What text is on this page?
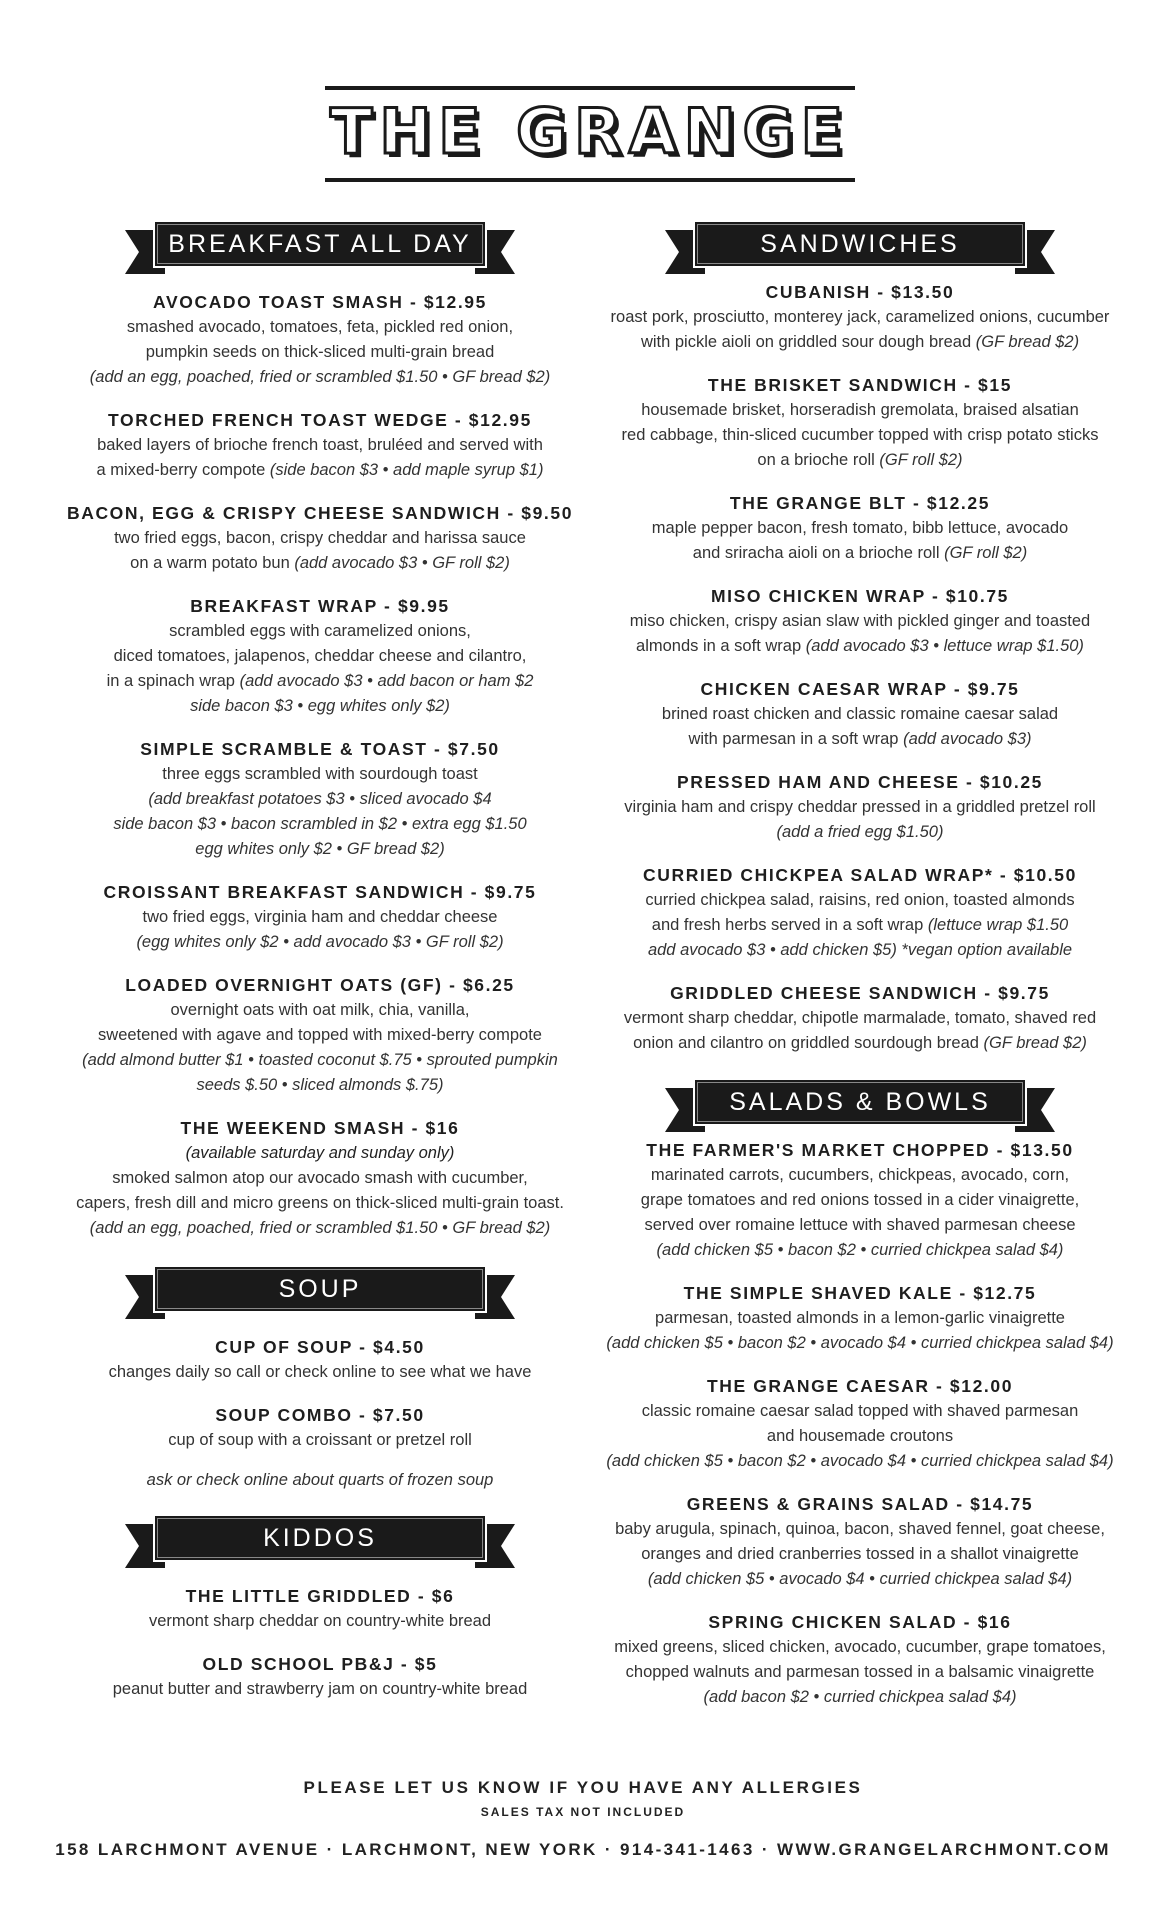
THE GRANGE
BREAKFAST ALL DAY
AVOCADO TOAST SMASH - $12.95

smashed avocado, tomatoes, feta, pickled red onion,

pumpkin seeds on thick-sliced multi-grain bread

(add an egg, poached, fried or scrambled $1.50 • GF bread $2)

TORCHED FRENCH TOAST WEDGE - $12.95

baked layers of brioche french toast, bruléed and served with

a mixed-berry compote (side bacon $3 • add maple syrup $1)

BACON, EGG & CRISPY CHEESE SANDWICH - $9.50

two fried eggs, bacon, crispy cheddar and harissa sauce

on a warm potato bun (add avocado $3 • GF roll $2)

BREAKFAST WRAP - $9.95

scrambled eggs with caramelized onions,

diced tomatoes, jalapenos, cheddar cheese and cilantro,

in a spinach wrap (add avocado $3 • add bacon or ham $2

side bacon $3 • egg whites only $2)

SIMPLE SCRAMBLE & TOAST - $7.50

three eggs scrambled with sourdough toast

(add breakfast potatoes $3 • sliced avocado $4

side bacon $3 • bacon scrambled in $2 • extra egg $1.50

egg whites only $2 • GF bread $2)

CROISSANT BREAKFAST SANDWICH - $9.75

two fried eggs, virginia ham and cheddar cheese

(egg whites only $2 • add avocado $3 • GF roll $2)

LOADED OVERNIGHT OATS (GF) - $6.25

overnight oats with oat milk, chia, vanilla,

sweetened with agave and topped with mixed-berry compote

(add almond butter $1 • toasted coconut $.75 • sprouted pumpkin

seeds $.50 • sliced almonds $.75)

THE WEEKEND SMASH - $16

(available saturday and sunday only)

smoked salmon atop our avocado smash with cucumber,

capers, fresh dill and micro greens on thick-sliced multi-grain toast.

(add an egg, poached, fried or scrambled $1.50 • GF bread $2)

SOUP
CUP OF SOUP - $4.50

changes daily so call or check online to see what we have

SOUP COMBO - $7.50

cup of soup with a croissant or pretzel roll

ask or check online about quarts of frozen soup

KIDDOS
THE LITTLE GRIDDLED - $6

vermont sharp cheddar on country-white bread

OLD SCHOOL PB&J - $5

peanut butter and strawberry jam on country-white bread

SANDWICHES
CUBANISH - $13.50

roast pork, prosciutto, monterey jack, caramelized onions, cucumber

with pickle aioli on griddled sour dough bread (GF bread $2)

THE BRISKET SANDWICH - $15

housemade brisket, horseradish gremolata, braised alsatian

red cabbage, thin-sliced cucumber topped with crisp potato sticks

on a brioche roll (GF roll $2)

THE GRANGE BLT - $12.25

maple pepper bacon, fresh tomato, bibb lettuce, avocado

and sriracha aioli on a brioche roll (GF roll $2)

MISO CHICKEN WRAP - $10.75

miso chicken, crispy asian slaw with pickled ginger and toasted

almonds in a soft wrap (add avocado $3 • lettuce wrap $1.50)

CHICKEN CAESAR WRAP - $9.75

brined roast chicken and classic romaine caesar salad

with parmesan in a soft wrap (add avocado $3)

PRESSED HAM AND CHEESE - $10.25

virginia ham and crispy cheddar pressed in a griddled pretzel roll

(add a fried egg $1.50)

CURRIED CHICKPEA SALAD WRAP* - $10.50

curried chickpea salad, raisins, red onion, toasted almonds

and fresh herbs served in a soft wrap (lettuce wrap $1.50

add avocado $3 • add chicken $5) *vegan option available

GRIDDLED CHEESE SANDWICH - $9.75

vermont sharp cheddar, chipotle marmalade, tomato, shaved red

onion and cilantro on griddled sourdough bread (GF bread $2)

SALADS & BOWLS
THE FARMER'S MARKET CHOPPED - $13.50

marinated carrots, cucumbers, chickpeas, avocado, corn,

grape tomatoes and red onions tossed in a cider vinaigrette,

served over romaine lettuce with shaved parmesan cheese

(add chicken $5 • bacon $2 • curried chickpea salad $4)

THE SIMPLE SHAVED KALE - $12.75

parmesan, toasted almonds in a lemon-garlic vinaigrette

(add chicken $5 • bacon $2 • avocado $4 • curried chickpea salad $4)

THE GRANGE CAESAR - $12.00

classic romaine caesar salad topped with shaved parmesan

and housemade croutons

(add chicken $5 • bacon $2 • avocado $4 • curried chickpea salad $4)

GREENS & GRAINS SALAD - $14.75

baby arugula, spinach, quinoa, bacon, shaved fennel, goat cheese,

oranges and dried cranberries tossed in a shallot vinaigrette

(add chicken $5 • avocado $4 • curried chickpea salad $4)

SPRING CHICKEN SALAD - $16

mixed greens, sliced chicken, avocado, cucumber, grape tomatoes,

chopped walnuts and parmesan tossed in a balsamic vinaigrette

(add bacon $2 • curried chickpea salad $4)

PLEASE LET US KNOW IF YOU HAVE ANY ALLERGIES
SALES TAX NOT INCLUDED
158 LARCHMONT AVENUE · LARCHMONT, NEW YORK · 914-341-1463 · WWW.GRANGELARCHMONT.COM
